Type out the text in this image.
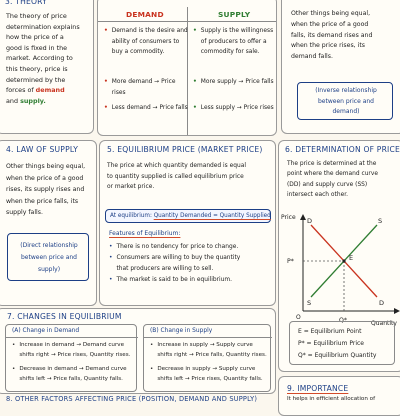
3. THEORY
The theory of price
determination explains
how the price of a
good is fixed in the
market. According to
this theory, price is
determined by the
forces of demand
and supply.
DEMAND	SUPPLY
• Demand is the desire and
ability of consumers to
buy a commodity.
• Supply is the willingness
of producers to offer a
commodity for sale.
• More demand → Price rises
• Less demand → Price falls
• More supply → Price falls
• Less supply → Price rises
Other things being equal,
when the price of a good
falls, its demand rises and
when the price rises, its
demand falls.
(Inverse relationship
between price and
demand)
4. LAW OF SUPPLY
Other things being equal,
when the price of a good
rises, its supply rises and
when the price falls, its
supply falls.
(Direct relationship
between price and
supply)
5. EQUILIBRIUM PRICE (MARKET PRICE)
The price at which quantity demanded is equal
to quantity supplied is called equilibrium price
or market price.
At equilibrium: Quantity Demanded = Quantity Supplied
Features of Equilibrium:
• There is no tendency for price to change.
• Consumers are willing to buy the quantity
that producers are willing to sell.
• The market is said to be in equilibrium.
6. DETERMINATION OF PRICE
The price is determined at the
point where the demand curve
(DD) and supply curve (SS)
intersect each other.
Price
Quantity
P*
Q*
O
D
D
S
S
E
E = Equilibrium Point
P* = Equilibrium Price
Q* = Equilibrium Quantity
7. CHANGES IN EQUILIBRIUM
(A) Change in Demand
• Increase in demand → Demand curve
shifts right → Price rises, Quantity rises.
• Decrease in demand → Demand curve
shifts left → Price falls, Quantity falls.
(B) Change in Supply
• Increase in supply → Supply curve
shifts right → Price falls, Quantity rises.
• Decrease in supply → Supply curve
shifts left → Price rises, Quantity falls.
8. OTHER FACTORS AFFECTING PRICE (POSITION, DEMAND AND SUPPLY)
9. IMPORTANCE
It helps in efficient allocation of
